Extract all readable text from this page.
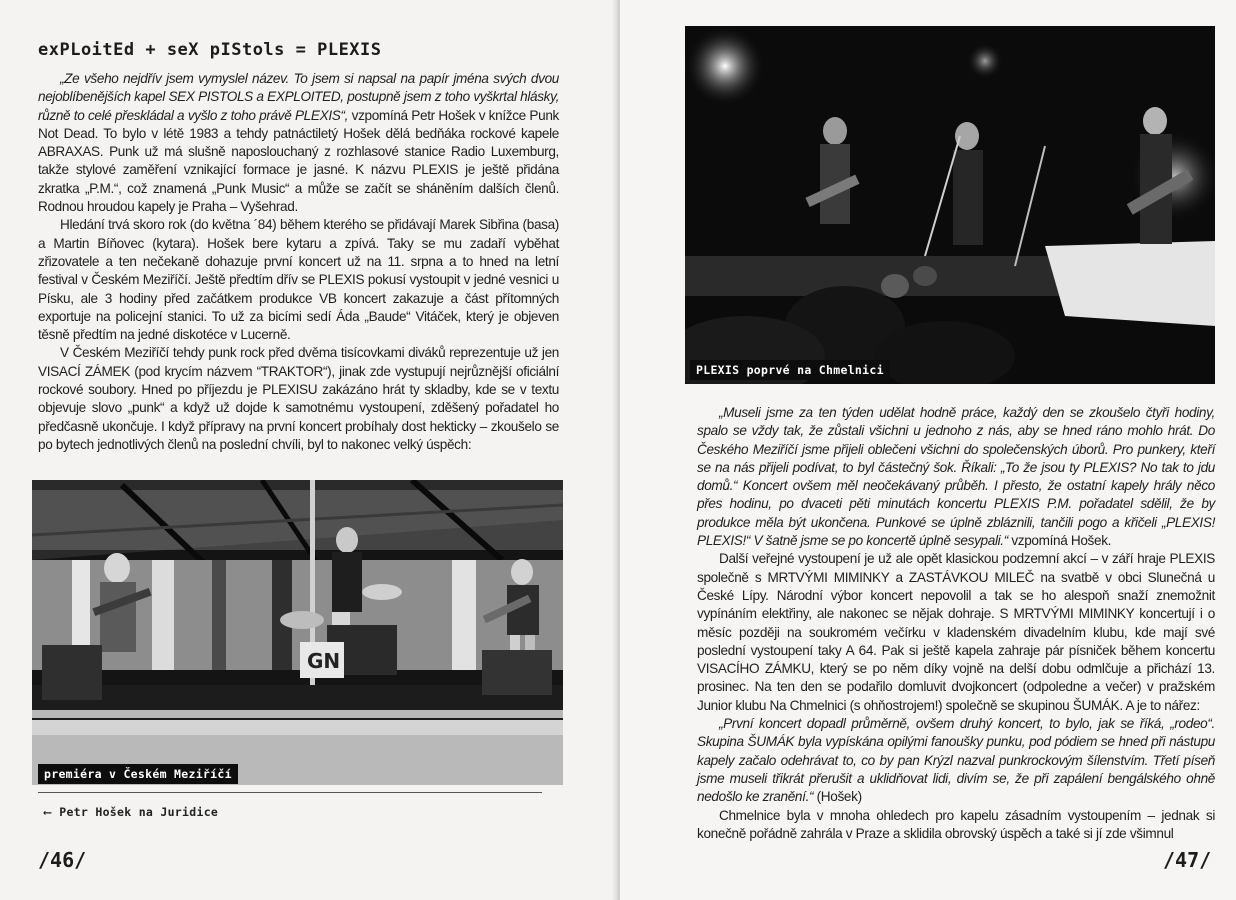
exPLoitEd + seX pIStols = PLEXIS

„Ze všeho nejdřív jsem vymyslel název. To jsem si napsal na papír jména svých dvou nejoblíbenějších kapel SEX PISTOLS a EXPLOITED, postupně jsem z toho vyškrtal hlásky, různě to celé přeskládal a vyšlo z toho právě PLEXIS“, vzpomíná Petr Hošek v knížce Punk Not Dead. To bylo v létě 1983 a tehdy patnáctiletý Hošek dělá bedňáka rockové kapele ABRAXAS. Punk už má slušně naposlouchaný z rozhlasové stanice Radio Luxemburg, takže stylové zaměření vznikající formace je jasné. K názvu PLEXIS je ještě přidána zkratka „P.M.“, což znamená „Punk Music“ a může se začít se sháněním dalších členů. Rodnou hroudou kapely je Praha – Vyšehrad.

Hledání trvá skoro rok (do května ´84) během kterého se přidávají Marek Sibřina (basa) a Martin Bíňovec (kytara). Hošek bere kytaru a zpívá. Taky se mu zadaří vyběhat zřizovatele a ten nečekaně dohazuje první koncert už na 11. srpna a to hned na letní festival v Českém Meziříčí. Ještě předtím dřív se PLEXIS pokusí vystoupit v jedné vesnici u Písku, ale 3 hodiny před začátkem produkce VB koncert zakazuje a část přítomných exportuje na policejní stanici. To už za bicími sedí Áda „Baude“ Vitáček, který je objeven těsně předtím na jedné diskotéce v Lucerně.

V Českém Meziříčí tehdy punk rock před dvěma tisícovkami diváků reprezentuje už jen VISACÍ ZÁMEK (pod krycím názvem “TRAKTOR“), jinak zde vystupují nejrůznější oficiální rockové soubory. Hned po příjezdu je PLEXISU zakázáno hrát ty skladby, kde se v textu objevuje slovo „punk“ a když už dojde k samotnému vystoupení, zděšený pořadatel ho předčasně ukončuje. I když přípravy na první koncert probíhaly dost hekticky – zkoušelo se po bytech jednotlivých členů na poslední chvíli, byl to nakonec velký úspěch:

GN
premiéra v Českém Meziříčí
⟵ Petr Hošek na Juridice
/46/
PLEXIS poprvé na Chmelnici

„Museli jsme za ten týden udělat hodně práce, každý den se zkoušelo čtyři hodiny, spalo se vždy tak, že zůstali všichni u jednoho z nás, aby se hned ráno mohlo hrát. Do Českého Meziříčí jsme přijeli oblečeni všichni do společenských úborů. Pro punkery, kteří se na nás přijeli podívat, to byl částečný šok. Říkali: „To že jsou ty PLEXIS? No tak to jdu domů.“ Koncert ovšem měl neočekávaný průběh. I přesto, že ostatní kapely hrály něco přes hodinu, po dvaceti pěti minutách koncertu PLEXIS P.M. pořadatel sdělil, že by produkce měla být ukončena. Punkové se úplně zbláznili, tančili pogo a křičeli „PLEXIS! PLEXIS!“ V šatně jsme se po koncertě úplně sesypali.“ vzpomíná Hošek.

Další veřejné vystoupení je už ale opět klasickou podzemní akcí – v září hraje PLEXIS společně s MRTVÝMI MIMINKY a ZASTÁVKOU MILEČ na svatbě v obci Slunečná u České Lípy. Národní výbor koncert nepovolil a tak se ho alespoň snaží znemožnit vypínáním elektřiny, ale nakonec se nějak dohraje. S MRTVÝMI MIMINKY koncertují i o měsíc později na soukromém večírku v kladenském divadelním klubu, kde mají své poslední vystoupení taky A 64. Pak si ještě kapela zahraje pár písniček během koncertu VISACÍHO ZÁMKU, který se po něm díky vojně na delší dobu odmlčuje a přichází 13. prosinec. Na ten den se podařilo domluvit dvojkoncert (odpoledne a večer) v pražském Junior klubu Na Chmelnici (s ohňostrojem!) společně se skupinou ŠUMÁK. A je to nářez:

„První koncert dopadl průměrně, ovšem druhý koncert, to bylo, jak se říká, „rodeo“. Skupina ŠUMÁK byla vypískána opilými fanoušky punku, pod pódiem se hned při nástupu kapely začalo odehrávat to, co by pan Krýzl nazval punkrockovým šílenstvím. Třetí píseň jsme museli třikrát přerušit a uklidňovat lidi, divím se, že při zapálení bengálského ohně nedošlo ke zranění.“ (Hošek)

Chmelnice byla v mnoha ohledech pro kapelu zásadním vystoupením – jednak si konečně pořádně zahrála v Praze a sklidila obrovský úspěch a také si jí zde všimnul

/47/
